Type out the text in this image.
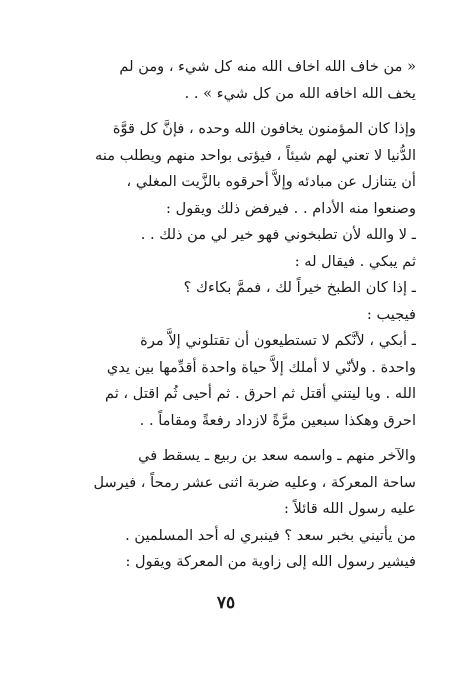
« من خاف الله اخاف الله منه كل شيء ، ومن لم
يخف الله اخافه الله من كل شيء » . .
وإذا كان المؤمنون يخافون الله وحده ، فإنَّ كل قوَّة
الدُّنيا لا تعني لهم شيئاً ، فيؤتى بواحد منهم ويطلب منه
أن يتنازل عن مبادئه وإلاَّ أحرقوه بالزَّيت المغلي ،
وصنعوا منه الأدام . . فيرفض ذلك ويقول :
ـ لا والله لأن تطبخوني فهو خير لي من ذلك . .
ثم يبكي . فيقال له :
ـ إذا كان الطبخ خيراً لك ، فممَّ بكاءك ؟
فيجيب :
ـ أبكي ، لأنَّكم لا تستطيعون أن تقتلوني إلاَّ مرة
واحدة . ولأنّي لا أملك إلاَّ حياة واحدة أقدِّمها بين يدي
الله . ويا ليتني أقتل ثم احرق . ثم أحيى ثُم اقتل ، ثم
احرق وهكذا سبعين مرَّةً لازداد رفعةً ومقاماً . .
والآخر منهم ـ واسمه سعد بن ربيع ـ يسقط في
ساحة المعركة ، وعليه ضربة اثنى عشر رمحاً ، فيرسل
عليه رسول الله قائلاً :
من يأتيني بخبر سعد ؟ فينبري له أحد المسلمين .
فيشير رسول الله إلى زاوية من المعركة ويقول :
٧٥
